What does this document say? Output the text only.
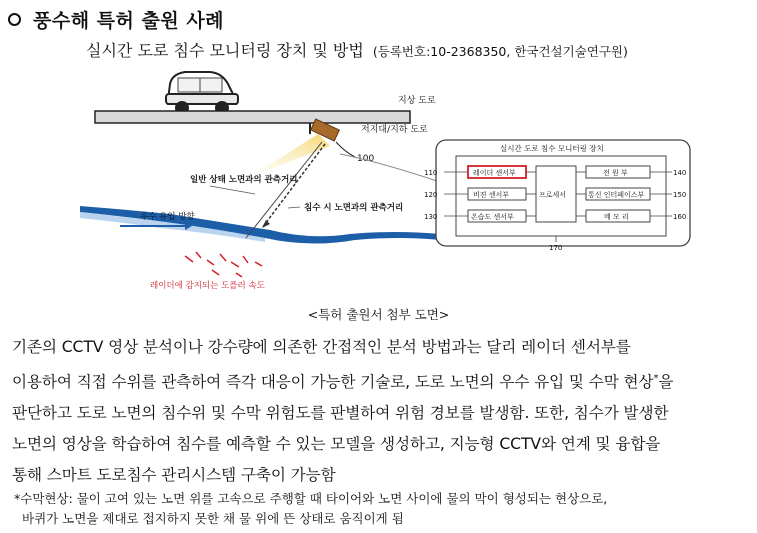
풍수해 특허 출원 사례
실시간 도로 침수 모니터링 장치 및 방법 (등록번호:10-2368350, 한국건설기술연구원)
지상 도로
저지대/지하 도로
100
일반 상태 노면과의 관측거리
침수 시 노면과의 관측거리
우수 유입 방향
레이더에 감지되는 도플러 속도
실시간 도로 침수 모니터링 장치
레이더 센서부
비젼 센서부
온습도 센서부
프로세서
전 원 부
통신 인터페이스부
메 모 리
110
120
130
140
150
160
170
<특허 출원서 첨부 도면>

기존의 CCTV 영상 분석이나 강수량에 의존한 간접적인 분석 방법과는 달리 레이더 센서부를

이용하여 직접 수위를 관측하여 즉각 대응이 가능한 기술로, 도로 노면의 우수 유입 및 수막 현상*을

판단하고 도로 노면의 침수위 및 수막 위험도를 판별하여 위험 경보를 발생함. 또한, 침수가 발생한

노면의 영상을 학습하여 침수를 예측할 수 있는 모델을 생성하고, 지능형 CCTV와 연계 및 융합을

통해 스마트 도로침수 관리시스템 구축이 가능함

*수막현상: 물이 고여 있는 노면 위를 고속으로 주행할 때 타이어와 노면 사이에 물의 막이 형성되는 현상으로,

바퀴가 노면을 제대로 접지하지 못한 채 물 위에 뜬 상태로 움직이게 됨
